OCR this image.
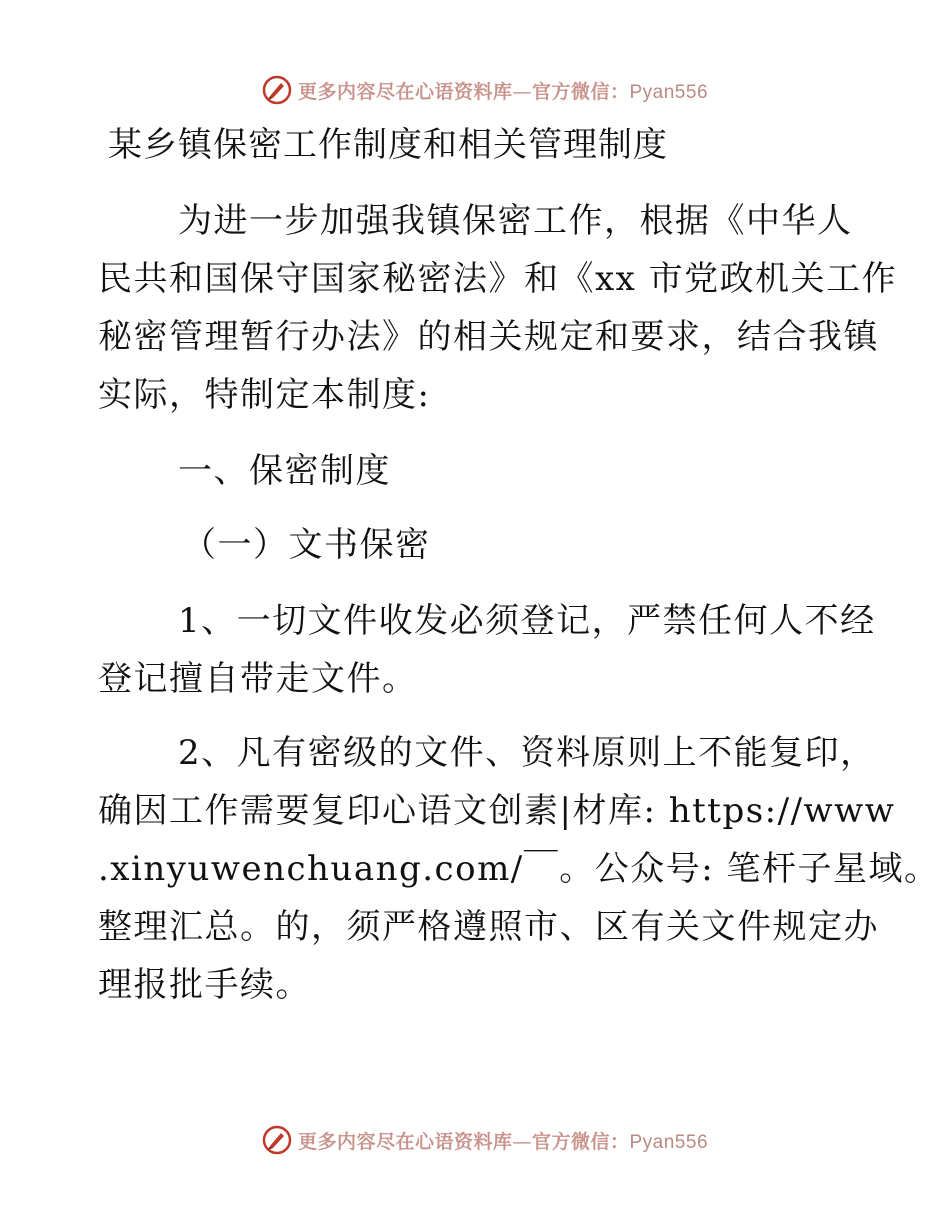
更多内容尽在心语资料库—官方微信：Pyan556
某乡镇保密工作制度和相关管理制度
为进一步加强我镇保密工作，根据《中华人
民共和国保守国家秘密法》和《xx 市党政机关工作
秘密管理暂行办法》的相关规定和要求，结合我镇
实际，特制定本制度:
一、保密制度
（一）文书保密
1、一切文件收发必须登记，严禁任何人不经
登记擅自带走文件。
2、凡有密级的文件、资料原则上不能复印，
确因工作需要复印心语文创素|材库: https://www
.xinyuwenchuang.com/￣。公众号: 笔杆子星域。
整理汇总。的，须严格遵照市、区有关文件规定办
理报批手续。
更多内容尽在心语资料库—官方微信：Pyan556
